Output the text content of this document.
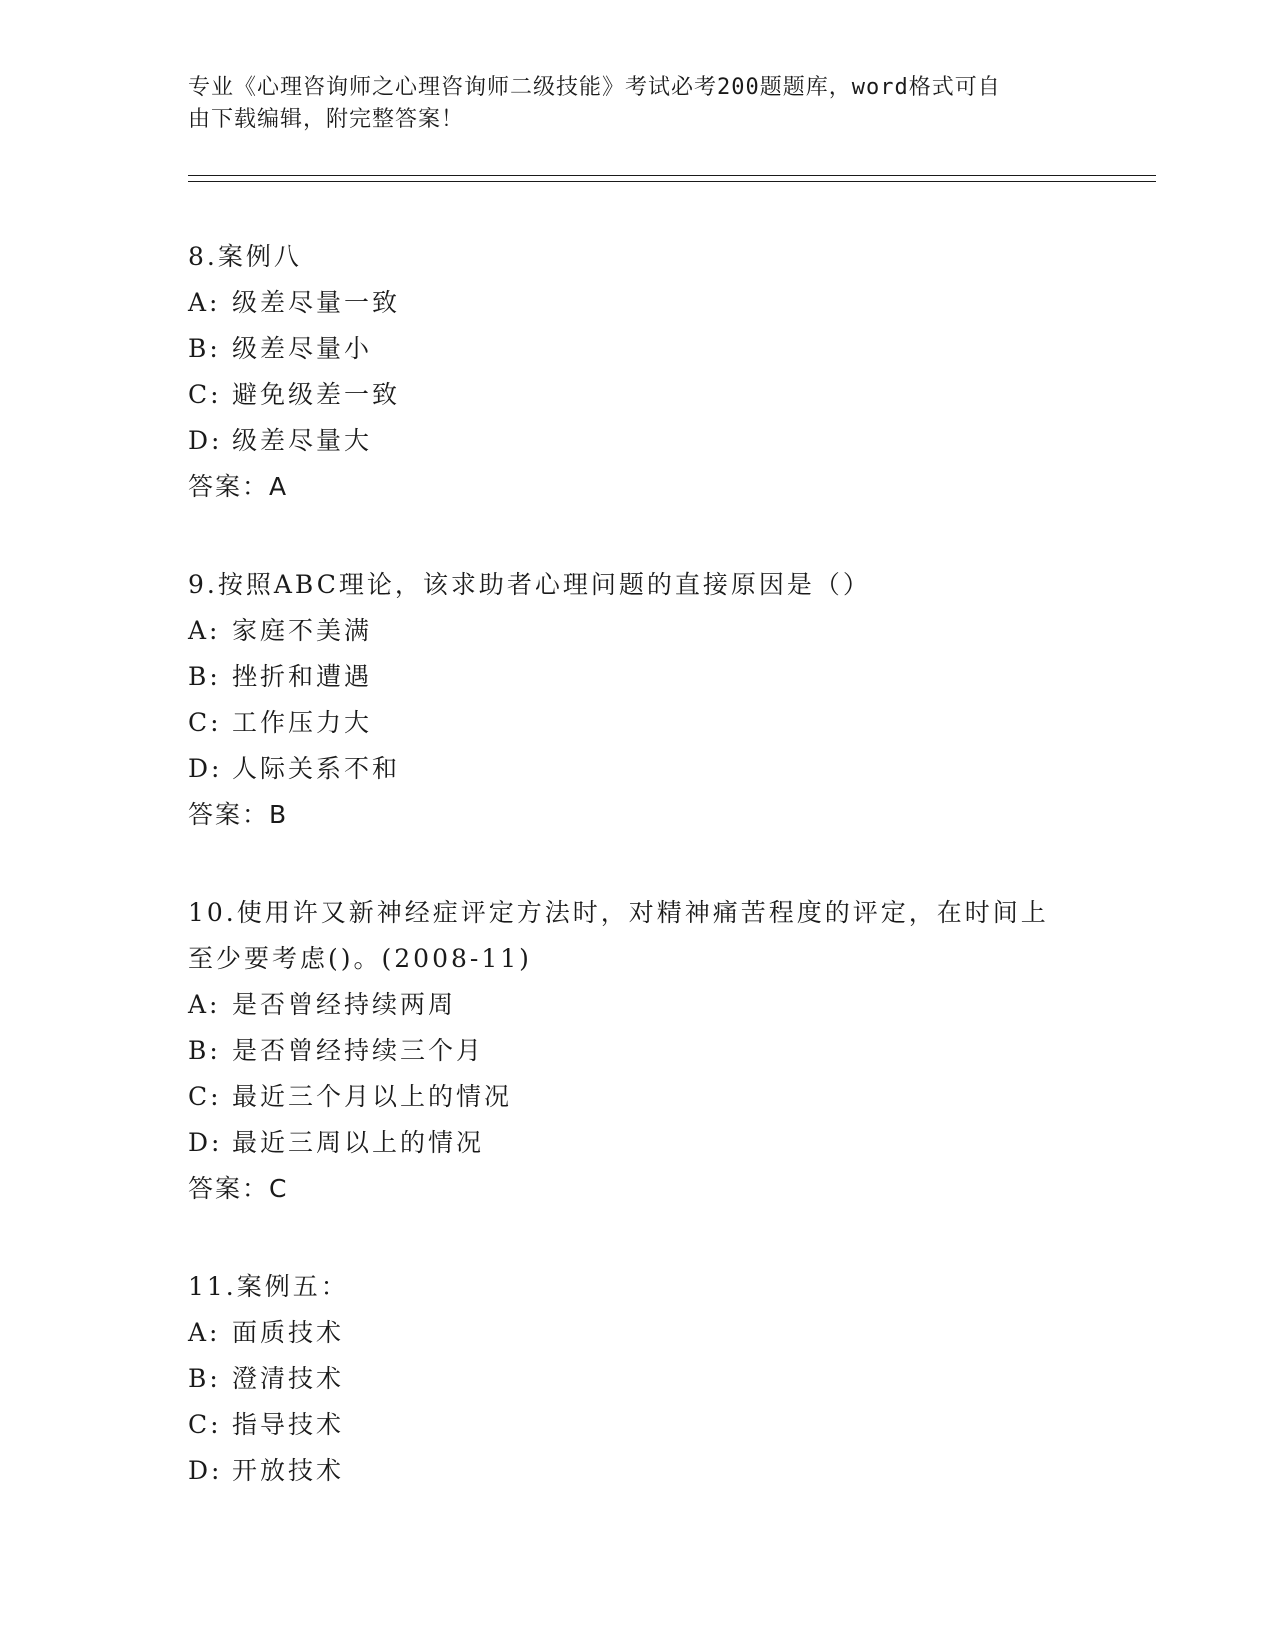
专业《心理咨询师之心理咨询师二级技能》考试必考200题题库，word格式可自
由下载编辑，附完整答案！
8.案例八
A: 级差尽量一致
B: 级差尽量小
C: 避免级差一致
D: 级差尽量大
答案：A
9.按照ABC理论，该求助者心理问题的直接原因是（）
A: 家庭不美满
B: 挫折和遭遇
C: 工作压力大
D: 人际关系不和
答案：B
10.使用许又新神经症评定方法时，对精神痛苦程度的评定，在时间上
至少要考虑()。(2008-11)
A: 是否曾经持续两周
B: 是否曾经持续三个月
C: 最近三个月以上的情况
D: 最近三周以上的情况
答案：C
11.案例五：
A: 面质技术
B: 澄清技术
C: 指导技术
D: 开放技术
